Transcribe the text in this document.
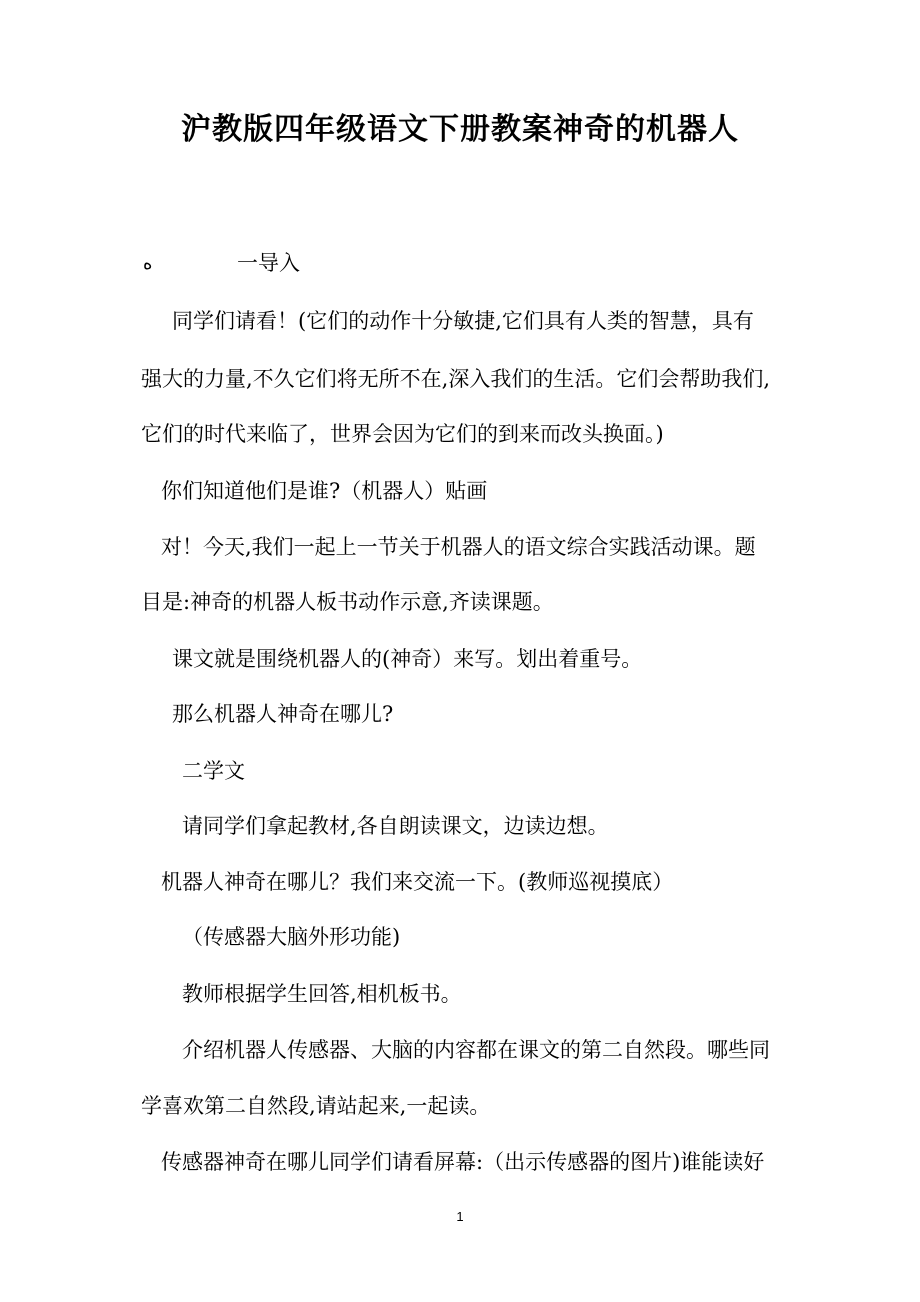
沪教版四年级语文下册教案神奇的机器人
ه	一导入
同学们请看！(它们的动作十分敏捷,它们具有人类的智慧，具有
强大的力量,不久它们将无所不在,深入我们的生活。它们会帮助我们,
它们的时代来临了，世界会因为它们的到来而改头换面。)
你们知道他们是谁?（机器人）贴画
对！今天,我们一起上一节关于机器人的语文综合实践活动课。题
目是:神奇的机器人板书动作示意,齐读课题。
课文就是围绕机器人的(神奇）来写。划出着重号。
那么机器人神奇在哪儿?
二学文
请同学们拿起教材,各自朗读课文，边读边想。
机器人神奇在哪儿？我们来交流一下。(教师巡视摸底）
（传感器大脑外形功能)
教师根据学生回答,相机板书。
介绍机器人传感器、大脑的内容都在课文的第二自然段。哪些同
学喜欢第二自然段,请站起来,一起读。
传感器神奇在哪儿同学们请看屏幕:（出示传感器的图片)谁能读好
1
